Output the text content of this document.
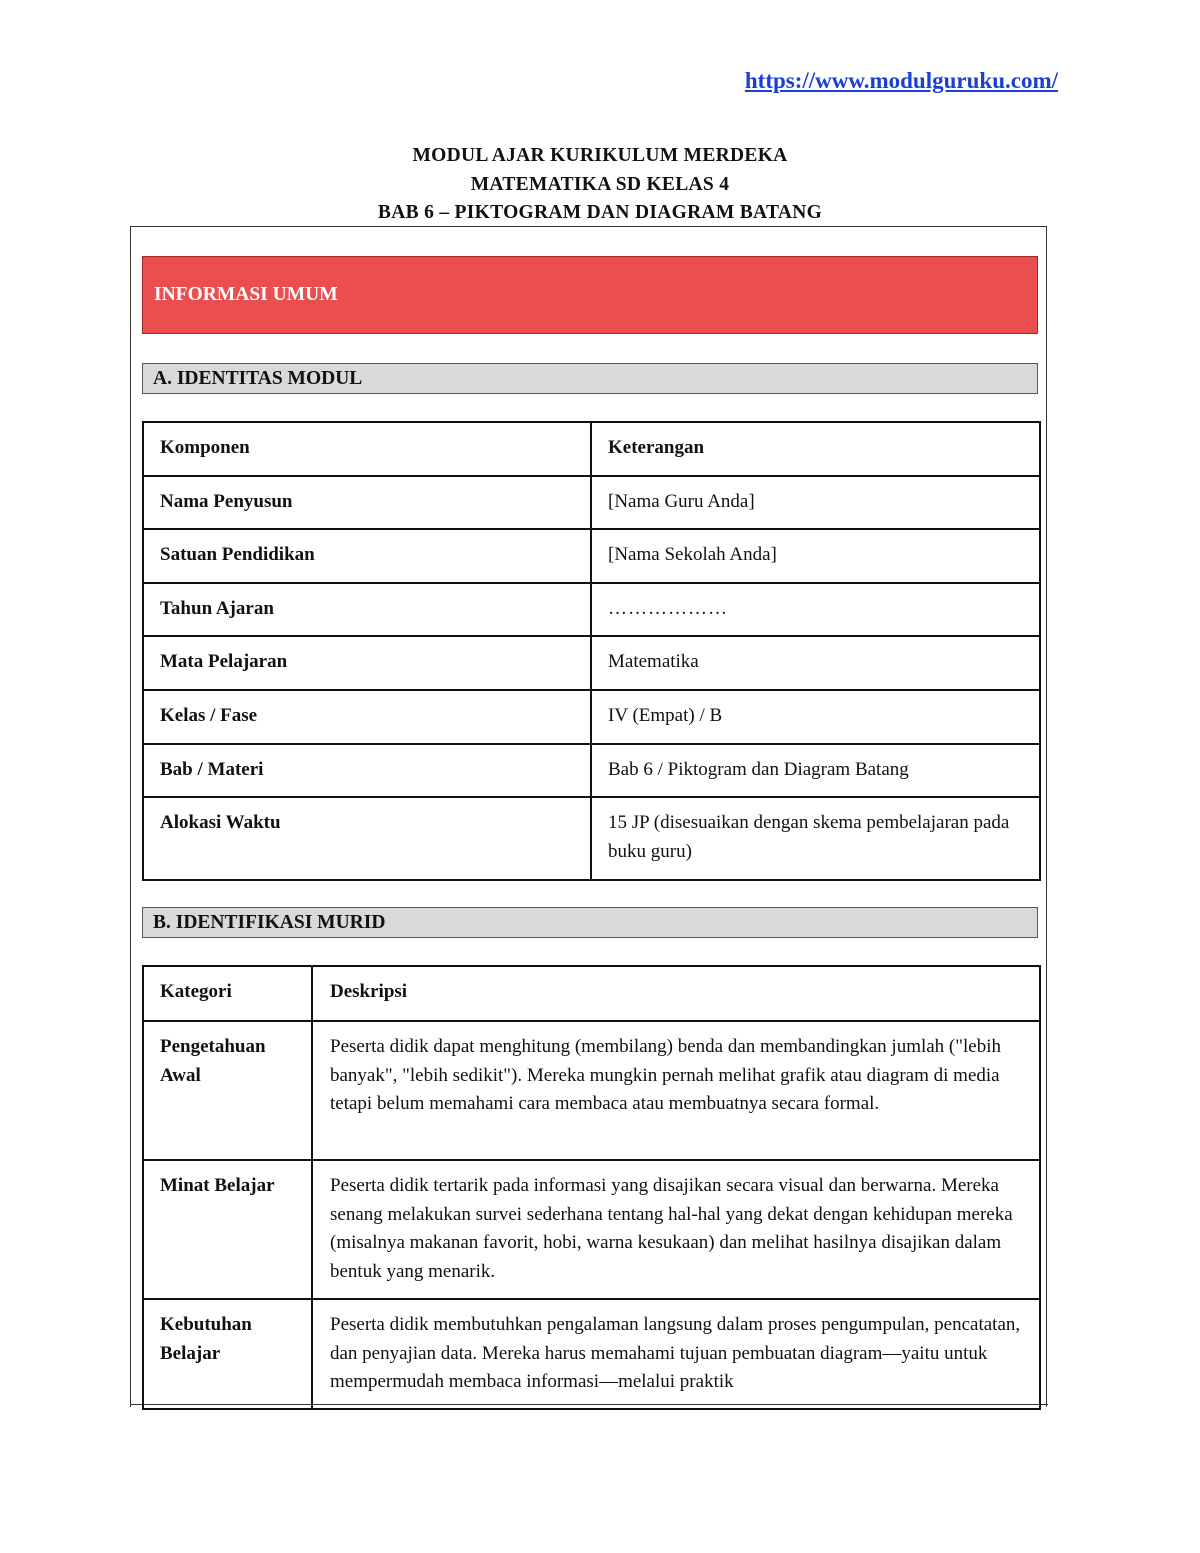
https://www.modulguruku.com/
MODUL AJAR KURIKULUM MERDEKA
MATEMATIKA SD KELAS 4
BAB 6 – PIKTOGRAM DAN DIAGRAM BATANG
INFORMASI UMUM
A. IDENTITAS MODUL
Komponen	Keterangan
Nama Penyusun	[Nama Guru Anda]
Satuan Pendidikan	[Nama Sekolah Anda]
Tahun Ajaran	………………
Mata Pelajaran	Matematika
Kelas / Fase	IV (Empat) / B
Bab / Materi	Bab 6 / Piktogram dan Diagram Batang
Alokasi Waktu	15 JP (disesuaikan dengan skema pembelajaran pada buku guru)
B. IDENTIFIKASI MURID
Kategori	Deskripsi
Pengetahuan Awal	Peserta didik dapat menghitung (membilang) benda dan membandingkan jumlah ("lebih banyak", "lebih sedikit"). Mereka mungkin pernah melihat grafik atau diagram di media tetapi belum memahami cara membaca atau membuatnya secara formal.
Minat Belajar	Peserta didik tertarik pada informasi yang disajikan secara visual dan berwarna. Mereka senang melakukan survei sederhana tentang hal-hal yang dekat dengan kehidupan mereka (misalnya makanan favorit, hobi, warna kesukaan) dan melihat hasilnya disajikan dalam bentuk yang menarik.
Kebutuhan Belajar	Peserta didik membutuhkan pengalaman langsung dalam proses pengumpulan, pencatatan, dan penyajian data. Mereka harus memahami tujuan pembuatan diagram—yaitu untuk mempermudah membaca informasi—melalui praktik
